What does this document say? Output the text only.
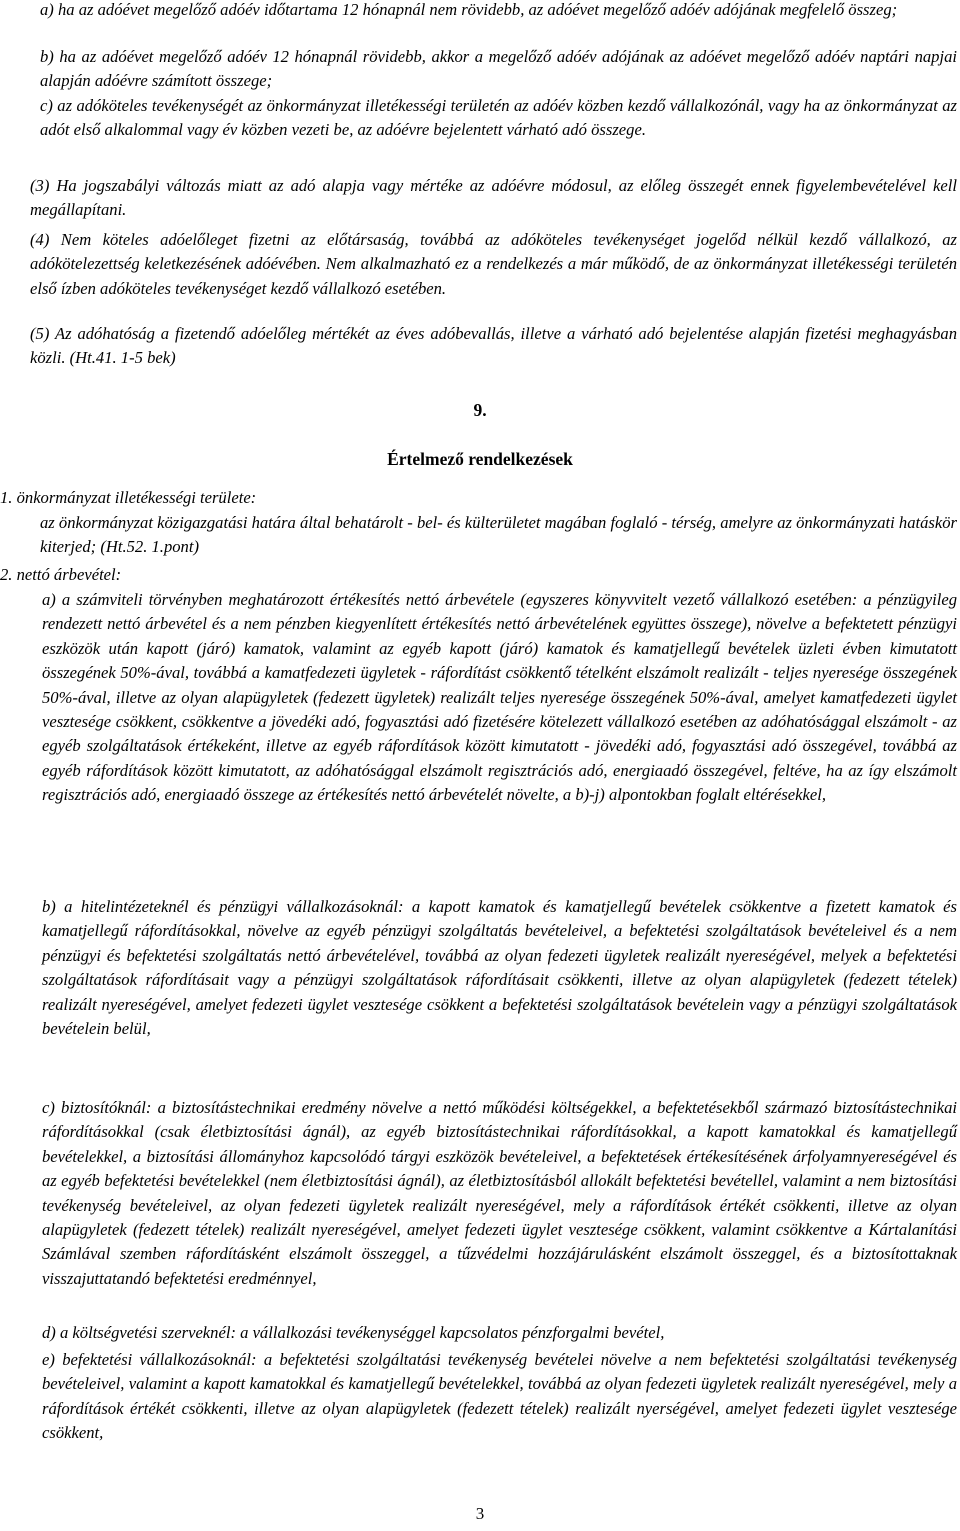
a) ha az adóévet megelőző adóév időtartama 12 hónapnál nem rövidebb, az adóévet megelőző adóév adójának megfelelő összeg;

b) ha az adóévet megelőző adóév 12 hónapnál rövidebb, akkor a megelőző adóév adójának az adóévet megelőző adóév naptári napjai alapján adóévre számított összege;

c) az adóköteles tevékenységét az önkormányzat illetékességi területén az adóév közben kezdő vállalkozónál, vagy ha az önkormányzat az adót első alkalommal vagy év közben vezeti be, az adóévre bejelentett várható adó összege.

(3) Ha jogszabályi változás miatt az adó alapja vagy mértéke az adóévre módosul, az előleg összegét ennek figyelembevételével kell megállapítani.

(4) Nem köteles adóelőleget fizetni az előtársaság, továbbá az adóköteles tevékenységet jogelőd nélkül kezdő vállalkozó, az adókötelezettség keletkezésének adóévében. Nem alkalmazható ez a rendelkezés a már működő, de az önkormányzat illetékességi területén első ízben adóköteles tevékenységet kezdő vállalkozó esetében.

(5) Az adóhatóság a fizetendő adóelőleg mértékét az éves adóbevallás, illetve a várható adó bejelentése alapján fizetési meghagyásban közli. (Ht.41. 1-5 bek)

9.

Értelmező rendelkezések

1. önkormányzat illetékességi területe:

az önkormányzat közigazgatási határa által behatárolt - bel- és külterületet magában foglaló - térség, amelyre az önkormányzati hatáskör kiterjed; (Ht.52. 1.pont)

2. nettó árbevétel:

a) a számviteli törvényben meghatározott értékesítés nettó árbevétele (egyszeres könyvvitelt vezető vállalkozó esetében: a pénzügyileg rendezett nettó árbevétel és a nem pénzben kiegyenlített értékesítés nettó árbevételének együttes összege), növelve a befektetett pénzügyi eszközök után kapott (járó) kamatok, valamint az egyéb kapott (járó) kamatok és kamatjellegű bevételek üzleti évben kimutatott összegének 50%-ával, továbbá a kamatfedezeti ügyletek - ráfordítást csökkentő tételként elszámolt realizált - teljes nyeresége összegének 50%-ával, illetve az olyan alapügyletek (fedezett ügyletek) realizált teljes nyeresége összegének 50%-ával, amelyet kamatfedezeti ügylet vesztesége csökkent, csökkentve a jövedéki adó, fogyasztási adó fizetésére kötelezett vállalkozó esetében az adóhatósággal elszámolt - az egyéb szolgáltatások értékeként, illetve az egyéb ráfordítások között kimutatott - jövedéki adó, fogyasztási adó összegével, továbbá az egyéb ráfordítások között kimutatott, az adóhatósággal elszámolt regisztrációs adó, energiaadó összegével, feltéve, ha az így elszámolt regisztrációs adó, energiaadó összege az értékesítés nettó árbevételét növelte, a b)-j) alpontokban foglalt eltérésekkel,

b) a hitelintézeteknél és pénzügyi vállalkozásoknál: a kapott kamatok és kamatjellegű bevételek csökkentve a fizetett kamatok és kamatjellegű ráfordításokkal, növelve az egyéb pénzügyi szolgáltatás bevételeivel, a befektetési szolgáltatások bevételeivel és a nem pénzügyi és befektetési szolgáltatás nettó árbevételével, továbbá az olyan fedezeti ügyletek realizált nyereségével, melyek a befektetési szolgáltatások ráfordításait vagy a pénzügyi szolgáltatások ráfordításait csökkenti, illetve az olyan alapügyletek (fedezett tételek) realizált nyereségével, amelyet fedezeti ügylet vesztesége csökkent a befektetési szolgáltatások bevételein vagy a pénzügyi szolgáltatások bevételein belül,

c) biztosítóknál: a biztosítástechnikai eredmény növelve a nettó működési költségekkel, a befektetésekből származó biztosítástechnikai ráfordításokkal (csak életbiztosítási ágnál), az egyéb biztosítástechnikai ráfordításokkal, a kapott kamatokkal és kamatjellegű bevételekkel, a biztosítási állományhoz kapcsolódó tárgyi eszközök bevételeivel, a befektetések értékesítésének árfolyamnyereségével és az egyéb befektetési bevételekkel (nem életbiztosítási ágnál), az életbiztosításból allokált befektetési bevétellel, valamint a nem biztosítási tevékenység bevételeivel, az olyan fedezeti ügyletek realizált nyereségével, mely a ráfordítások értékét csökkenti, illetve az olyan alapügyletek (fedezett tételek) realizált nyereségével, amelyet fedezeti ügylet vesztesége csökkent, valamint csökkentve a Kártalanítási Számlával szemben ráfordításként elszámolt összeggel, a tűzvédelmi hozzájárulásként elszámolt összeggel, és a biztosítottaknak visszajuttatandó befektetési eredménnyel,

d) a költségvetési szerveknél: a vállalkozási tevékenységgel kapcsolatos pénzforgalmi bevétel,

e) befektetési vállalkozásoknál: a befektetési szolgáltatási tevékenység bevételei növelve a nem befektetési szolgáltatási tevékenység bevételeivel, valamint a kapott kamatokkal és kamatjellegű bevételekkel, továbbá az olyan fedezeti ügyletek realizált nyereségével, mely a ráfordítások értékét csökkenti, illetve az olyan alapügyletek (fedezett tételek) realizált nyerségével, amelyet fedezeti ügylet vesztesége csökkent,

3
